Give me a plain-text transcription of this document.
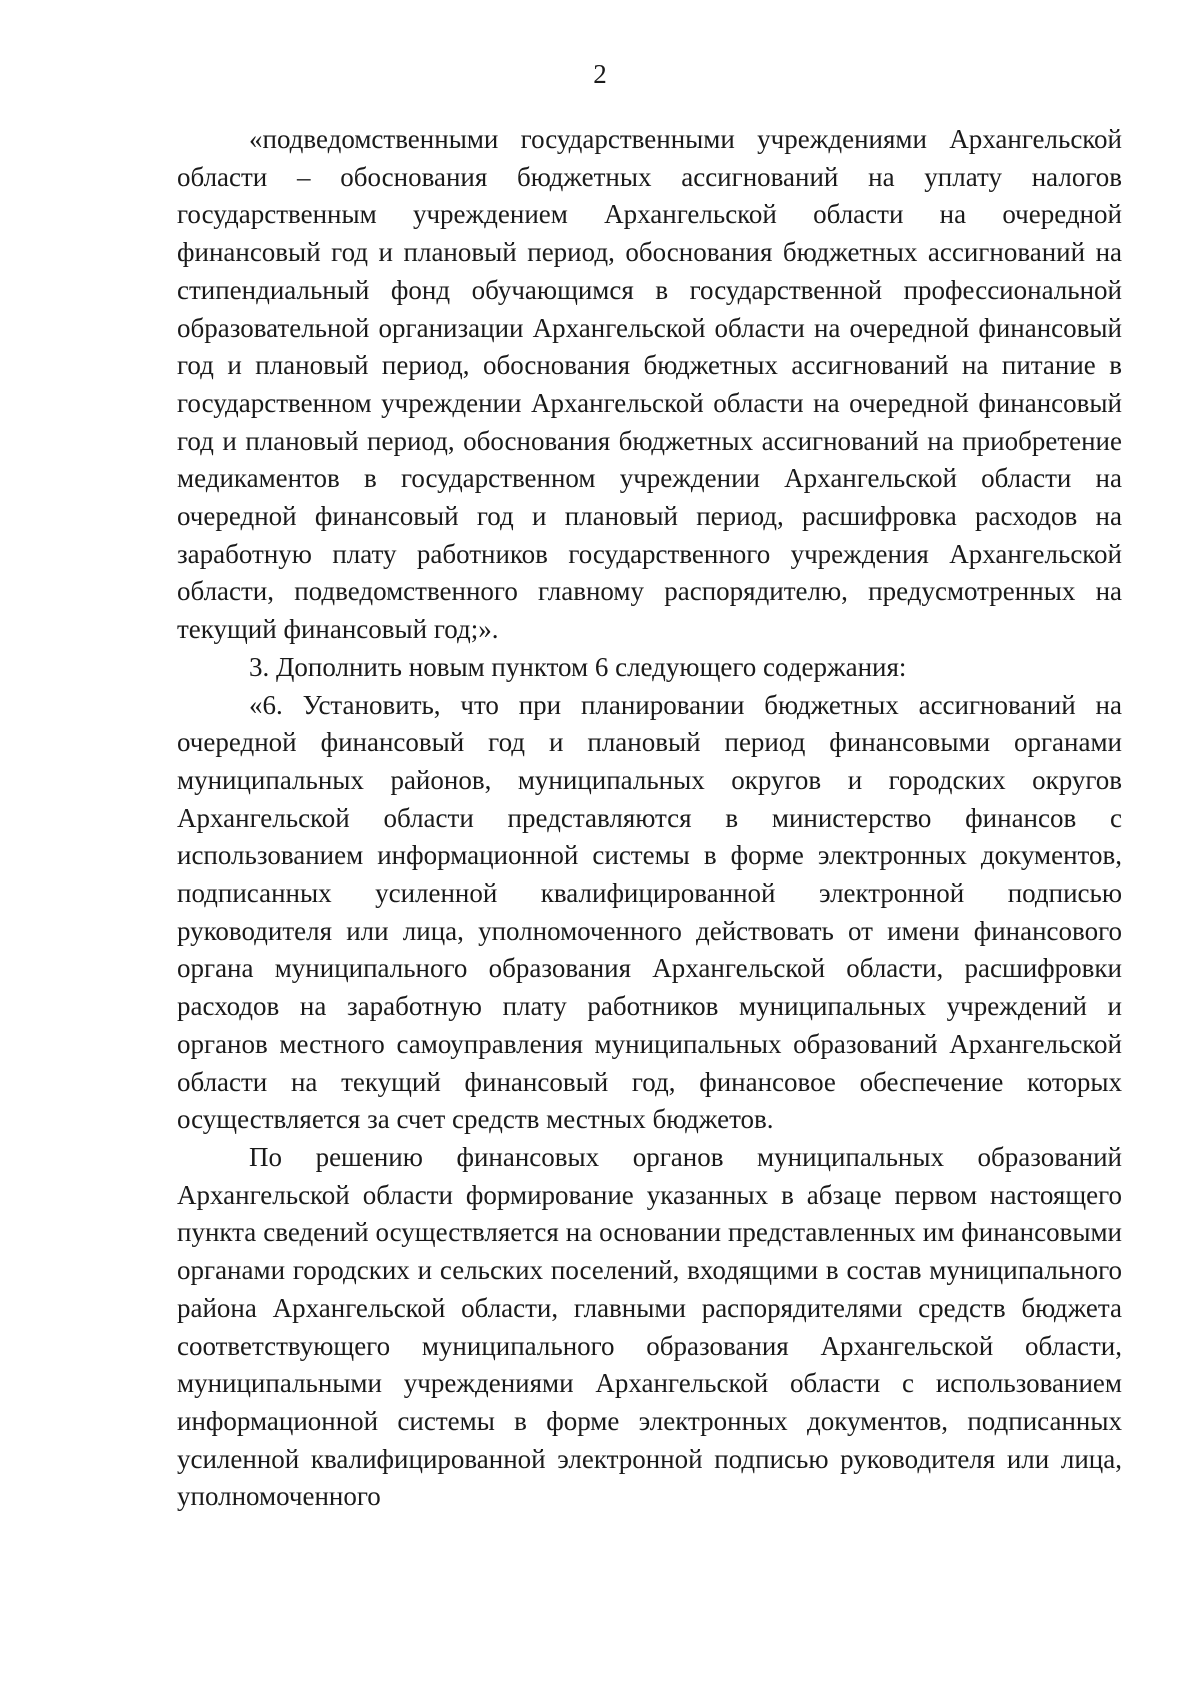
2

«подведомственными государственными учреждениями Архангельской области – обоснования бюджетных ассигнований на уплату налогов государственным учреждением Архангельской области на очередной финансовый год и плановый период, обоснования бюджетных ассигнований на стипендиальный фонд обучающимся в государственной профессиональной образовательной организации Архангельской области на очередной финансовый год и плановый период, обоснования бюджетных ассигнований на питание в государственном учреждении Архангельской области на очередной финансовый год и плановый период, обоснования бюджетных ассигнований на приобретение медикаментов в государственном учреждении Архангельской области на очередной финансовый год и плановый период, расшифровка расходов на заработную плату работников государственного учреждения Архангельской области, подведомственного главному распорядителю, предусмотренных на текущий финансовый год;».

3. Дополнить новым пунктом 6 следующего содержания:

«6. Установить, что при планировании бюджетных ассигнований на очередной финансовый год и плановый период финансовыми органами муниципальных районов, муниципальных округов и городских округов Архангельской области представляются в министерство финансов с использованием информационной системы в форме электронных документов, подписанных усиленной квалифицированной электронной подписью руководителя или лица, уполномоченного действовать от имени финансового органа муниципального образования Архангельской области, расшифровки расходов на заработную плату работников муниципальных учреждений и органов местного самоуправления муниципальных образований Архангельской области на текущий финансовый год, финансовое обеспечение которых осуществляется за счет средств местных бюджетов.

По решению финансовых органов муниципальных образований Архангельской области формирование указанных в абзаце первом настоящего пункта сведений осуществляется на основании представленных им финансовыми органами городских и сельских поселений, входящими в состав муниципального района Архангельской области, главными распорядителями средств бюджета соответствующего муниципального образования Архангельской области, муниципальными учреждениями Архангельской области с использованием информационной системы в форме электронных документов, подписанных усиленной квалифицированной электронной подписью руководителя или лица, уполномоченного
